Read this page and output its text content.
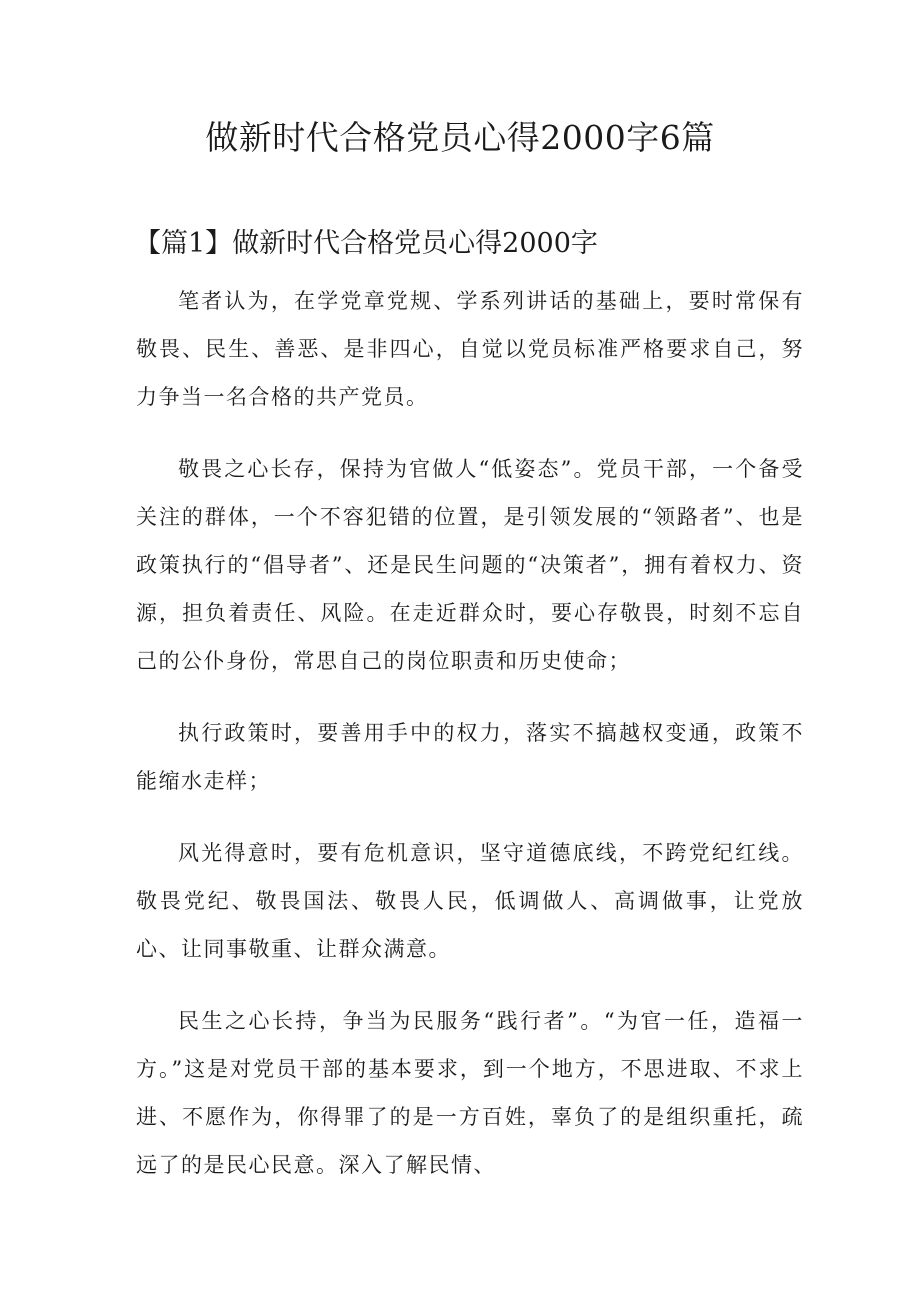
做新时代合格党员心得2000字6篇
【篇1】做新时代合格党员心得2000字

笔者认为，在学党章党规、学系列讲话的基础上，要时常保有敬畏、民生、善恶、是非四心，自觉以党员标准严格要求自己，努力争当一名合格的共产党员。

敬畏之心长存，保持为官做人“低姿态”。党员干部，一个备受关注的群体，一个不容犯错的位置，是引领发展的“领路者”、也是政策执行的“倡导者”、还是民生问题的“决策者”，拥有着权力、资源，担负着责任、风险。在走近群众时，要心存敬畏，时刻不忘自己的公仆身份，常思自己的岗位职责和历史使命；

执行政策时，要善用手中的权力，落实不搞越权变通，政策不能缩水走样；

风光得意时，要有危机意识，坚守道德底线，不跨党纪红线。敬畏党纪、敬畏国法、敬畏人民，低调做人、高调做事，让党放心、让同事敬重、让群众满意。

民生之心长持，争当为民服务“践行者”。“为官一任，造福一方。”这是对党员干部的基本要求，到一个地方，不思进取、不求上进、不愿作为，你得罪了的是一方百姓，辜负了的是组织重托，疏远了的是民心民意。深入了解民情、
